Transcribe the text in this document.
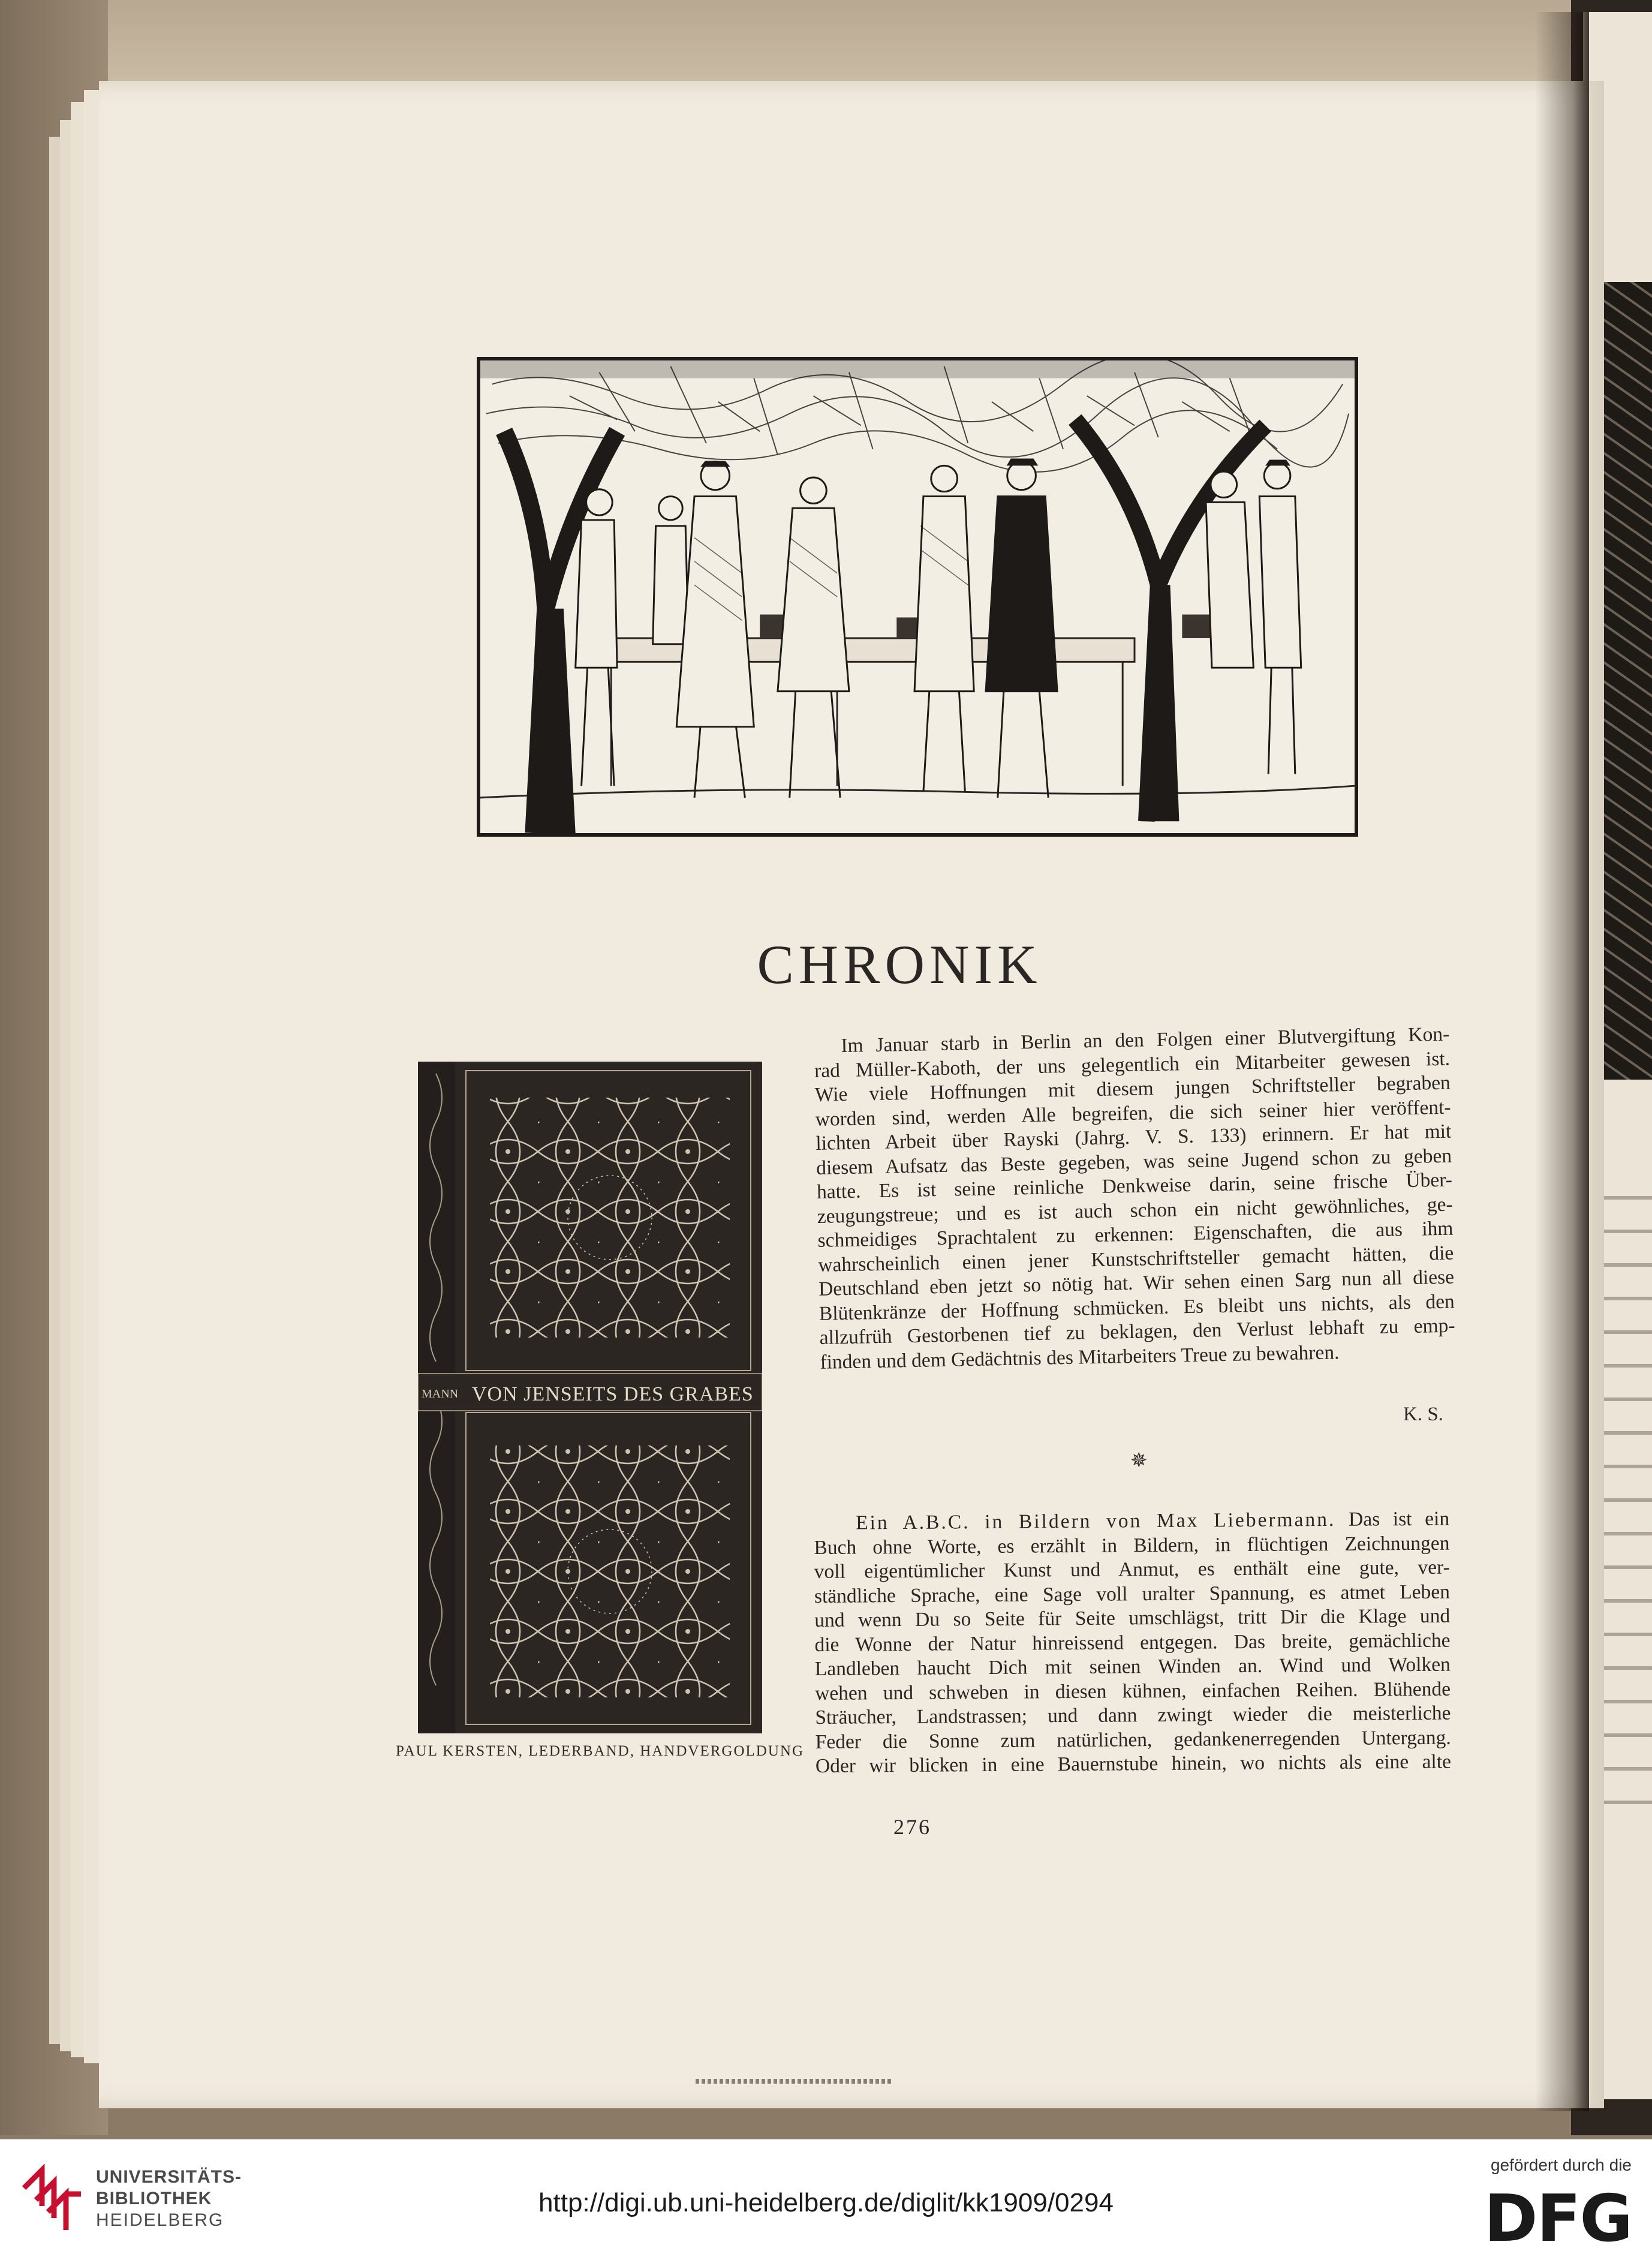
CHRONIK
MANN VON JENSEITS DES GRABES
PAUL KERSTEN, LEDERBAND, HANDVERGOLDUNG
Im Januar starb in Berlin an den Folgen einer Blutvergiftung Kon-
rad Müller-Kaboth, der uns gelegentlich ein Mitarbeiter gewesen ist.
Wie viele Hoffnungen mit diesem jungen Schriftsteller begraben
worden sind, werden Alle begreifen, die sich seiner hier veröffent-
lichten Arbeit über Rayski (Jahrg. V. S. 133) erinnern. Er hat mit
diesem Aufsatz das Beste gegeben, was seine Jugend schon zu geben
hatte. Es ist seine reinliche Denkweise darin, seine frische Über-
zeugungstreue; und es ist auch schon ein nicht gewöhnliches, ge-
schmeidiges Sprachtalent zu erkennen: Eigenschaften, die aus ihm
wahrscheinlich einen jener Kunstschriftsteller gemacht hätten, die
Deutschland eben jetzt so nötig hat. Wir sehen einen Sarg nun all diese
Blütenkränze der Hoffnung schmücken. Es bleibt uns nichts, als den
allzufrüh Gestorbenen tief zu beklagen, den Verlust lebhaft zu emp-
finden und dem Gedächtnis des Mitarbeiters Treue zu bewahren.
K. S.
✵
Ein A.B.C. in Bildern von Max Liebermann. Das ist ein
Buch ohne Worte, es erzählt in Bildern, in flüchtigen Zeichnungen
voll eigentümlicher Kunst und Anmut, es enthält eine gute, ver-
ständliche Sprache, eine Sage voll uralter Spannung, es atmet Leben
und wenn Du so Seite für Seite umschlägst, tritt Dir die Klage und
die Wonne der Natur hinreissend entgegen. Das breite, gemächliche
Landleben haucht Dich mit seinen Winden an. Wind und Wolken
wehen und schweben in diesen kühnen, einfachen Reihen. Blühende
Sträucher, Landstrassen; und dann zwingt wieder die meisterliche
Feder die Sonne zum natürlichen, gedankenerregenden Untergang.
Oder wir blicken in eine Bauernstube hinein, wo nichts als eine alte
276
UNIVERSITÄTS-
BIBLIOTHEK
HEIDELBERG
http://digi.ub.uni-heidelberg.de/diglit/kk1909/0294
gefördert durch die
DFG
